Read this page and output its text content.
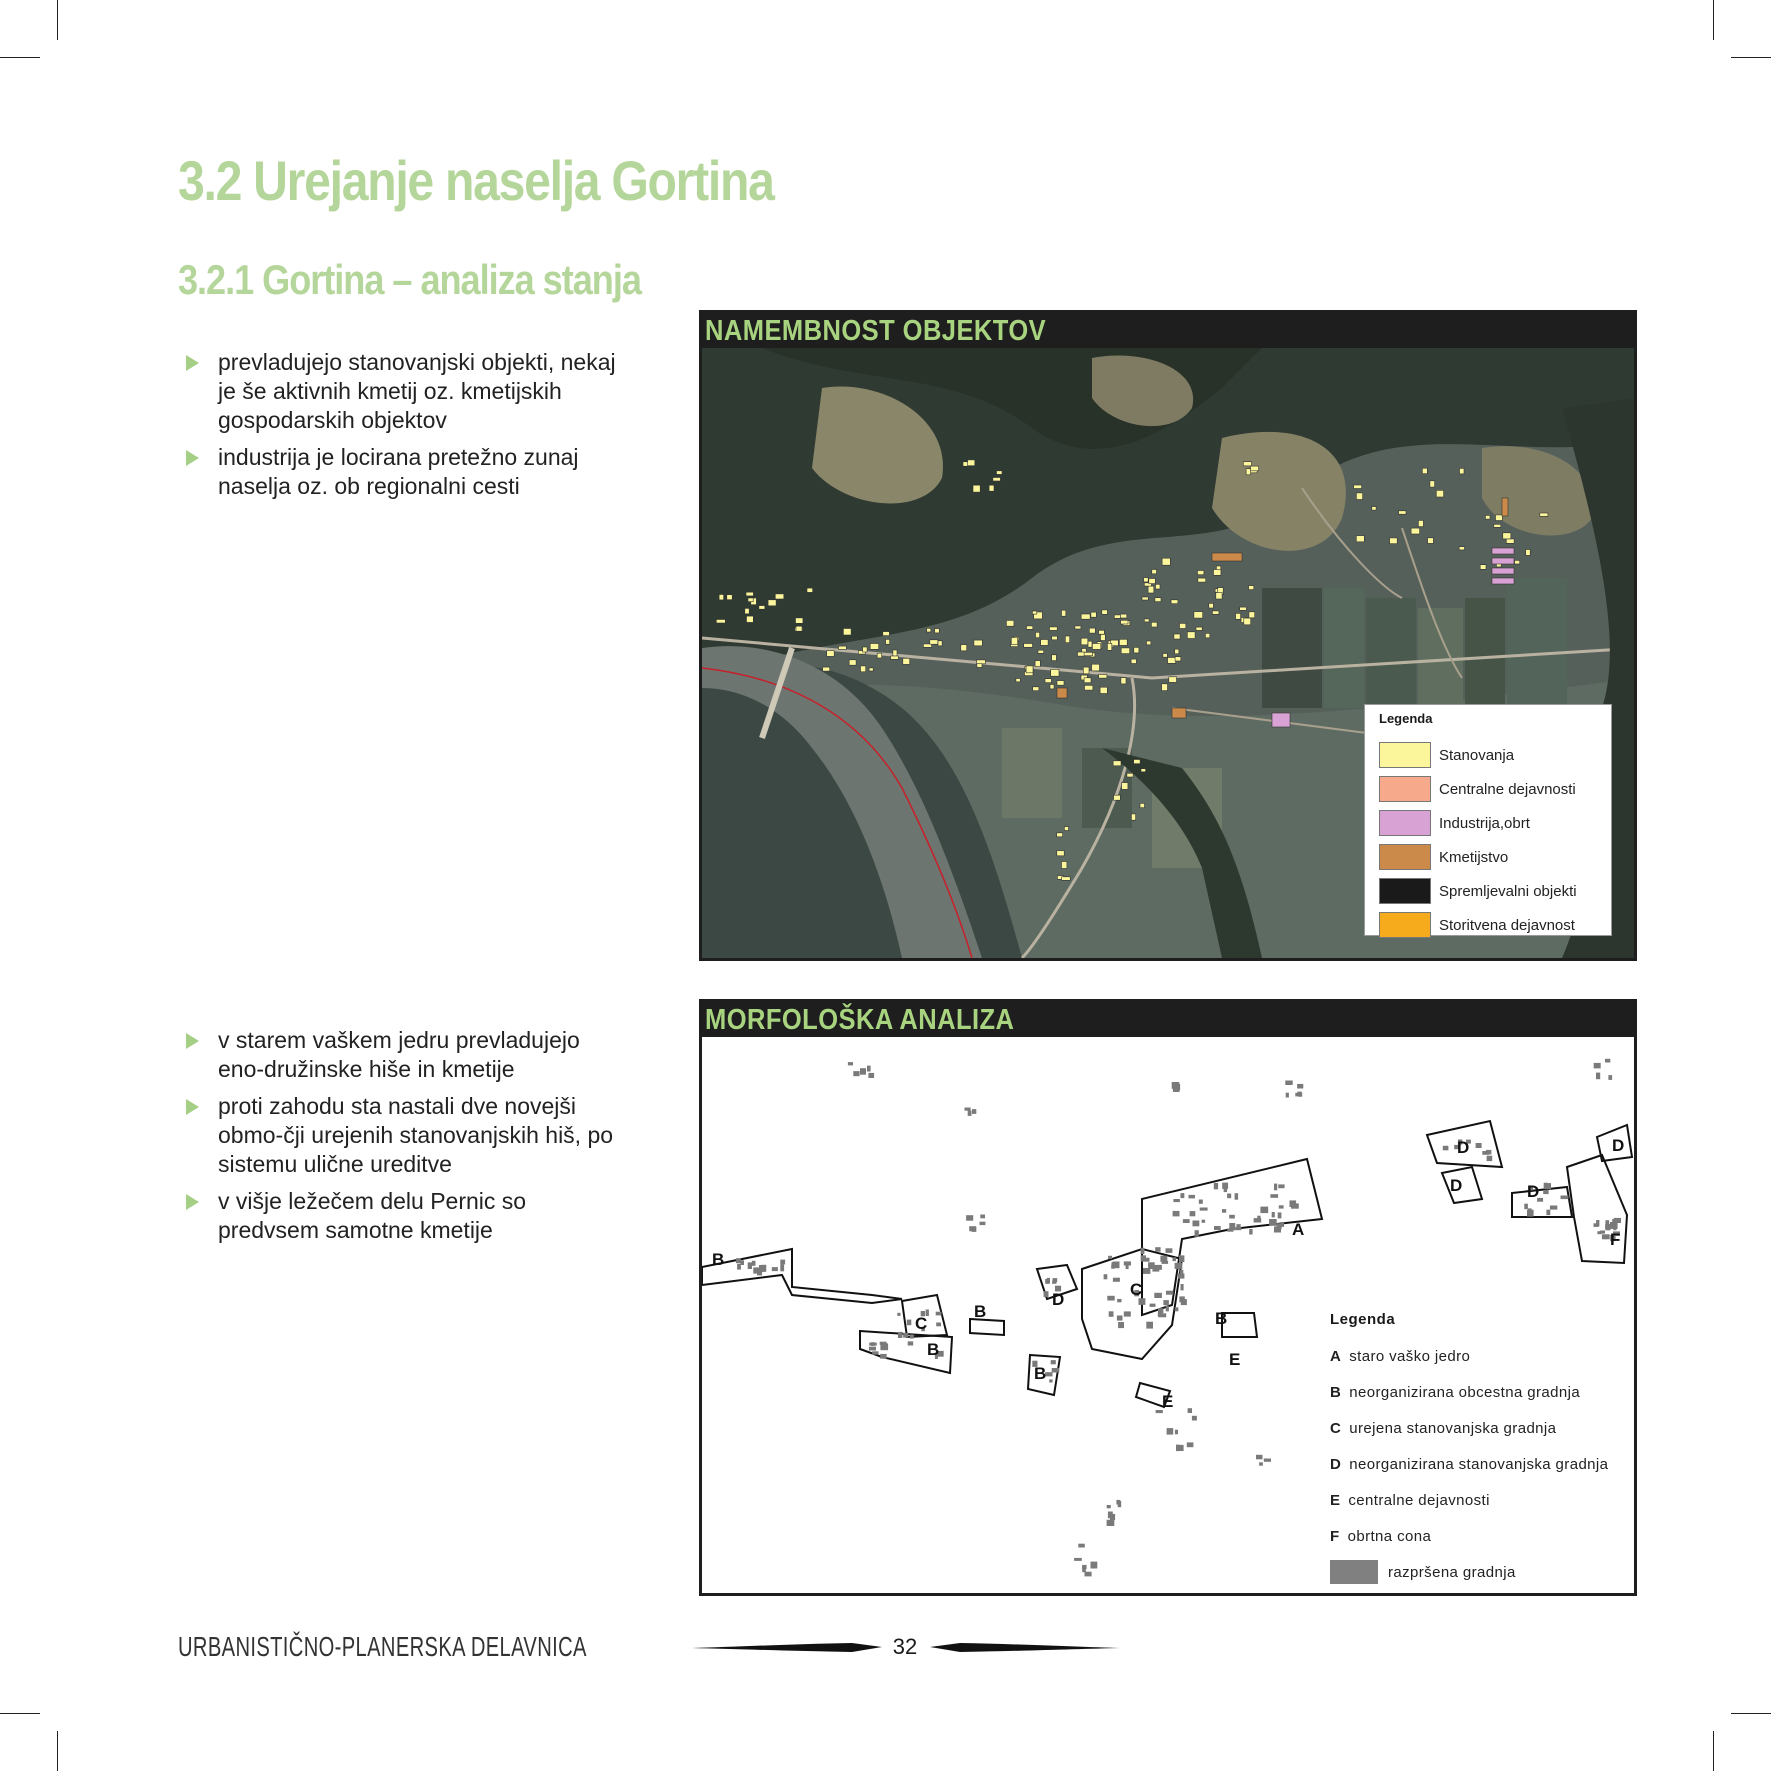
3.2 Urejanje naselja Gortina
3.2.1 Gortina – analiza stanja
prevladujejo stanovanjski objekti, nekaj je še aktivnih kmetij oz. kmetijskih gospodarskih objektov
industrija je locirana pretežno zunaj naselja oz. ob regionalni cesti
v starem vaškem jedru prevladujejo eno-družinske hiše in kmetije
proti zahodu sta nastali dve novejši obmo-čji urejenih stanovanjskih hiš, po sistemu ulične ureditve
v višje ležečem delu Pernic so predvsem samotne kmetije
NAMEMBNOST OBJEKTOV
Legenda
Stanovanja
Centralne dejavnosti
Industrija,obrt
Kmetijstvo
Spremljevalni objekti
Storitvena dejavnost
MORFOLOŠKA ANALIZA
A
B
B
B
B
C
C
D
D
D	D
D
E
E
B
F
Legenda
A staro vaško jedro
B neorganizirana obcestna gradnja
C urejena stanovanjska gradnja
D neorganizirana stanovanjska gradnja
E centralne dejavnosti
F obrtna cona
razpršena gradnja
URBANISTIČNO-PLANERSKA DELAVNICA	32
